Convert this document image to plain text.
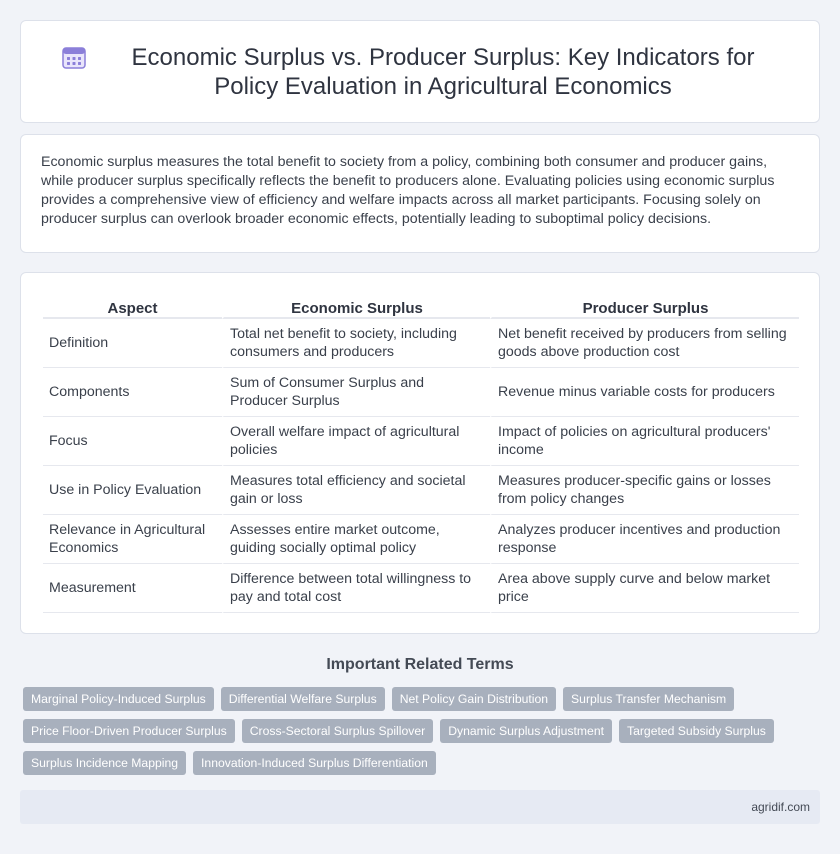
Economic Surplus vs. Producer Surplus: Key Indicators for Policy Evaluation in Agricultural Economics

Economic surplus measures the total benefit to society from a policy, combining both consumer and producer gains, while producer surplus specifically reflects the benefit to producers alone. Evaluating policies using economic surplus provides a comprehensive view of efficiency and welfare impacts across all market participants. Focusing solely on producer surplus can overlook broader economic effects, potentially leading to suboptimal policy decisions.

Aspect	Economic Surplus	Producer Surplus
Definition	Total net benefit to society, including consumers and producers	Net benefit received by producers from selling goods above production cost
Components	Sum of Consumer Surplus and Producer Surplus	Revenue minus variable costs for producers
Focus	Overall welfare impact of agricultural policies	Impact of policies on agricultural producers' income
Use in Policy Evaluation	Measures total efficiency and societal gain or loss	Measures producer-specific gains or losses from policy changes
Relevance in Agricultural Economics	Assesses entire market outcome, guiding socially optimal policy	Analyzes producer incentives and production response
Measurement	Difference between total willingness to pay and total cost	Area above supply curve and below market price
Important Related Terms
Marginal Policy-Induced Surplus	Differential Welfare Surplus	Net Policy Gain Distribution	Surplus Transfer Mechanism
Price Floor-Driven Producer Surplus	Cross-Sectoral Surplus Spillover	Dynamic Surplus Adjustment	Targeted Subsidy Surplus
Surplus Incidence Mapping	Innovation-Induced Surplus Differentiation
agridif.com
